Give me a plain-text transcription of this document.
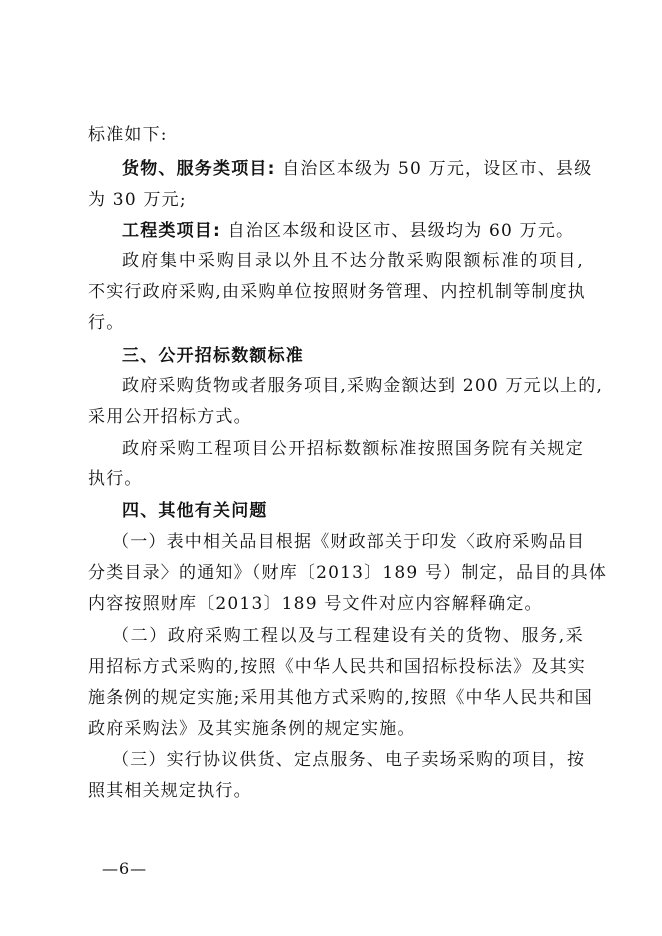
标准如下:
货物、服务类项目: 自治区本级为 50 万元，设区市、县级
为 30 万元;
工程类项目: 自治区本级和设区市、县级均为 60 万元。
政府集中采购目录以外且不达分散采购限额标准的项目,
不实行政府采购,由采购单位按照财务管理、内控机制等制度执
行。
三、公开招标数额标准
政府采购货物或者服务项目,采购金额达到 200 万元以上的,
采用公开招标方式。
政府采购工程项目公开招标数额标准按照国务院有关规定
执行。
四、其他有关问题
（一）表中相关品目根据《财政部关于印发〈政府采购品目
分类目录〉的通知》（财库〔2013〕189 号）制定，品目的具体
内容按照财库〔2013〕189 号文件对应内容解释确定。
（二）政府采购工程以及与工程建设有关的货物、服务,采
用招标方式采购的,按照《中华人民共和国招标投标法》及其实
施条例的规定实施;采用其他方式采购的,按照《中华人民共和国
政府采购法》及其实施条例的规定实施。
（三）实行协议供货、定点服务、电子卖场采购的项目，按
照其相关规定执行。
—6—
